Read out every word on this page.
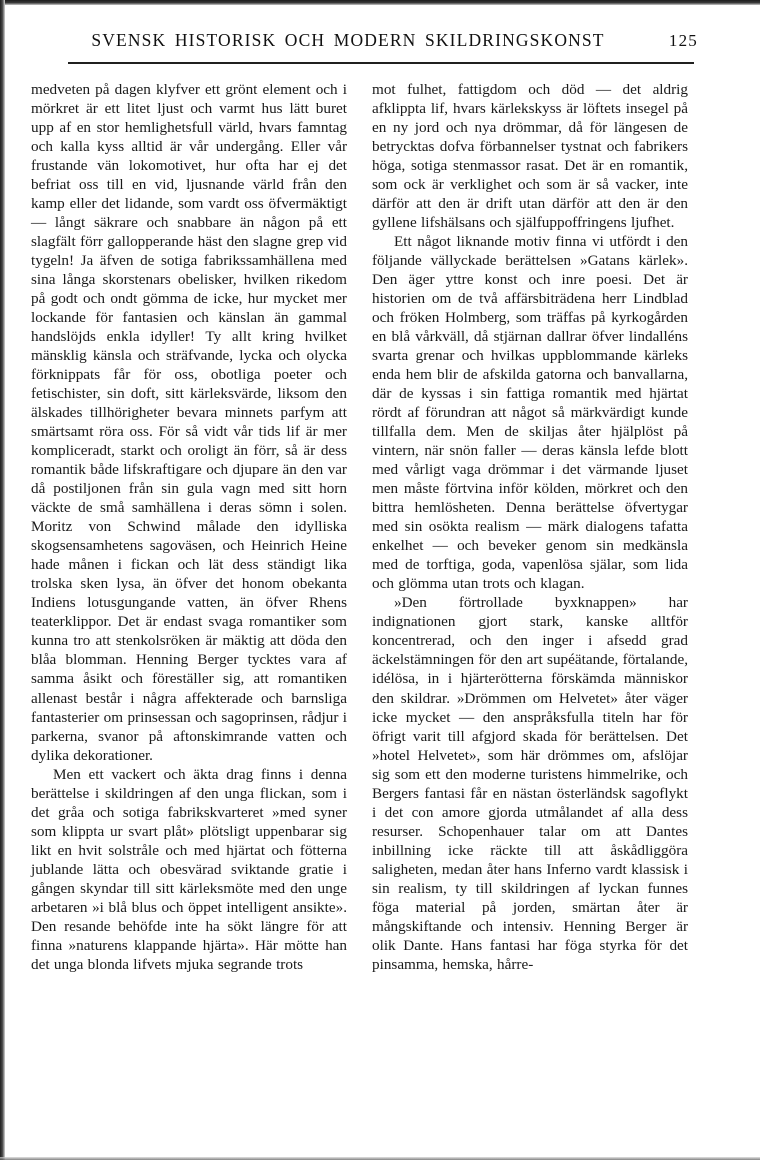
SVENSK HISTORISK OCH MODERN SKILDRINGSKONST	125

medveten på dagen klyfver ett grönt element och i mörkret är ett litet ljust och varmt hus lätt buret upp af en stor hemlighetsfull värld, hvars famntag och kalla kyss alltid är vår undergång. Eller vår frustande vän lokomotivet, hur ofta har ej det befriat oss till en vid, ljusnande värld från den kamp eller det lidande, som vardt oss öfvermäktigt — långt säkrare och snabbare än någon på ett slagfält förr gallopperande häst den slagne grep vid tygeln! Ja äfven de sotiga fabrikssamhällena med sina långa skorstenars obelisker, hvilken rikedom på godt och ondt gömma de icke, hur mycket mer lockande för fantasien och känslan än gammal handslöjds enkla idyller! Ty allt kring hvilket mänsklig känsla och sträfvande, lycka och olycka förknippats får för oss, obotliga poeter och fetischister, sin doft, sitt kärleksvärde, liksom den älskades tillhörigheter bevara minnets parfym att smärtsamt röra oss. För så vidt vår tids lif är mer kompliceradt, starkt och oroligt än förr, så är dess romantik både lifskraftigare och djupare än den var då postiljonen från sin gula vagn med sitt horn väckte de små samhällena i deras sömn i solen. Moritz von Schwind målade den idylliska skogsensamhetens sagoväsen, och Heinrich Heine hade månen i fickan och lät dess ständigt lika trolska sken lysa, än öfver det honom obekanta Indiens lotusgungande vatten, än öfver Rhens teaterklippor. Det är endast svaga romantiker som kunna tro att stenkolsröken är mäktig att döda den blåa blomman. Henning Berger tycktes vara af samma åsikt och föreställer sig, att romantiken allenast består i några affekterade och barnsliga fantasterier om prinsessan och sagoprinsen, rådjur i parkerna, svanor på aftonskimrande vatten och dylika dekorationer.

Men ett vackert och äkta drag finns i denna berättelse i skildringen af den unga flickan, som i det gråa och sotiga fabrikskvarteret »med syner som klippta ur svart plåt» plötsligt uppenbarar sig likt en hvit solstråle och med hjärtat och fötterna jublande lätta och obesvärad sviktande gratie i gången skyndar till sitt kärleksmöte med den unge arbetaren »i blå blus och öppet intelligent ansikte». Den resande behöfde inte ha sökt längre för att finna »naturens klappande hjärta». Här mötte han det unga blonda lifvets mjuka segrande trots

mot fulhet, fattigdom och död — det aldrig afklippta lif, hvars kärlekskyss är löftets insegel på en ny jord och nya drömmar, då för längesen de betrycktas dofva förbannelser tystnat och fabrikers höga, sotiga stenmassor rasat. Det är en romantik, som ock är verklighet och som är så vacker, inte därför att den är drift utan därför att den är den gyllene lifshälsans och själfuppoffringens ljufhet.

Ett något liknande motiv finna vi utfördt i den följande vällyckade berättelsen »Gatans kärlek». Den äger yttre konst och inre poesi. Det är historien om de två affärsbiträdena herr Lindblad och fröken Holmberg, som träffas på kyrkogården en blå vårkväll, då stjärnan dallrar öfver lindalléns svarta grenar och hvilkas uppblommande kärleks enda hem blir de afskilda gatorna och banvallarna, där de kyssas i sin fattiga romantik med hjärtat rördt af förundran att något så märkvärdigt kunde tillfalla dem. Men de skiljas åter hjälplöst på vintern, när snön faller — deras känsla lefde blott med vårligt vaga drömmar i det värmande ljuset men måste förtvina inför kölden, mörkret och den bittra hemlösheten. Denna berättelse öfvertygar med sin osökta realism — märk dialogens tafatta enkelhet — och beveker genom sin medkänsla med de torftiga, goda, vapenlösa själar, som lida och glömma utan trots och klagan.

»Den förtrollade byxknappen» har indignationen gjort stark, kanske alltför koncentrerad, och den inger i afsedd grad äckelstämningen för den art supéätande, förtalande, idélösa, in i hjärterötterna förskämda människor den skildrar. »Drömmen om Helvetet» åter väger icke mycket — den anspråksfulla titeln har för öfrigt varit till afgjord skada för berättelsen. Det »hotel Helvetet», som här drömmes om, afslöjar sig som ett den moderne turistens himmelrike, och Bergers fantasi får en nästan österländsk sagoflykt i det con amore gjorda utmålandet af alla dess resurser. Schopenhauer talar om att Dantes inbillning icke räckte till att åskådliggöra saligheten, medan åter hans Inferno vardt klassisk i sin realism, ty till skildringen af lyckan funnes föga material på jorden, smärtan åter är mångskiftande och intensiv. Henning Berger är olik Dante. Hans fantasi har föga styrka för det pinsamma, hemska, hårre-
